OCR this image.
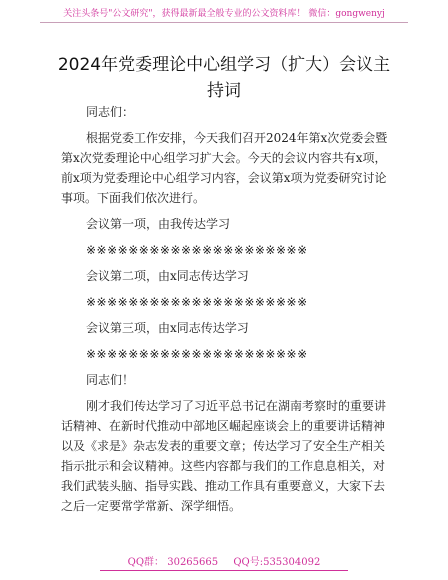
关注头条号"公文研究"，获得最新最全般专业的公文资料库！ 微信：gongwenyj
2024年党委理论中心组学习（扩大）会议主持词

同志们：

根据党委工作安排，今天我们召开2024年第x次党委会暨第x次党委理论中心组学习扩大会。今天的会议内容共有x项，前x项为党委理论中心组学习内容，会议第x项为党委研究讨论事项。下面我们依次进行。

会议第一项，由我传达学习

※※※※※※※※※※※※※※※※※※※※※

会议第二项，由x同志传达学习

※※※※※※※※※※※※※※※※※※※※※

会议第三项，由x同志传达学习

※※※※※※※※※※※※※※※※※※※※※

同志们！

刚才我们传达学习了习近平总书记在湖南考察时的重要讲话精神、在新时代推动中部地区崛起座谈会上的重要讲话精神以及《求是》杂志发表的重要文章；传达学习了安全生产相关指示批示和会议精神。这些内容都与我们的工作息息相关，对我们武装头脑、指导实践、推动工作具有重要意义，大家下去之后一定要常学常新、深学细悟。

QQ群： 30265665 QQ号:535304092
